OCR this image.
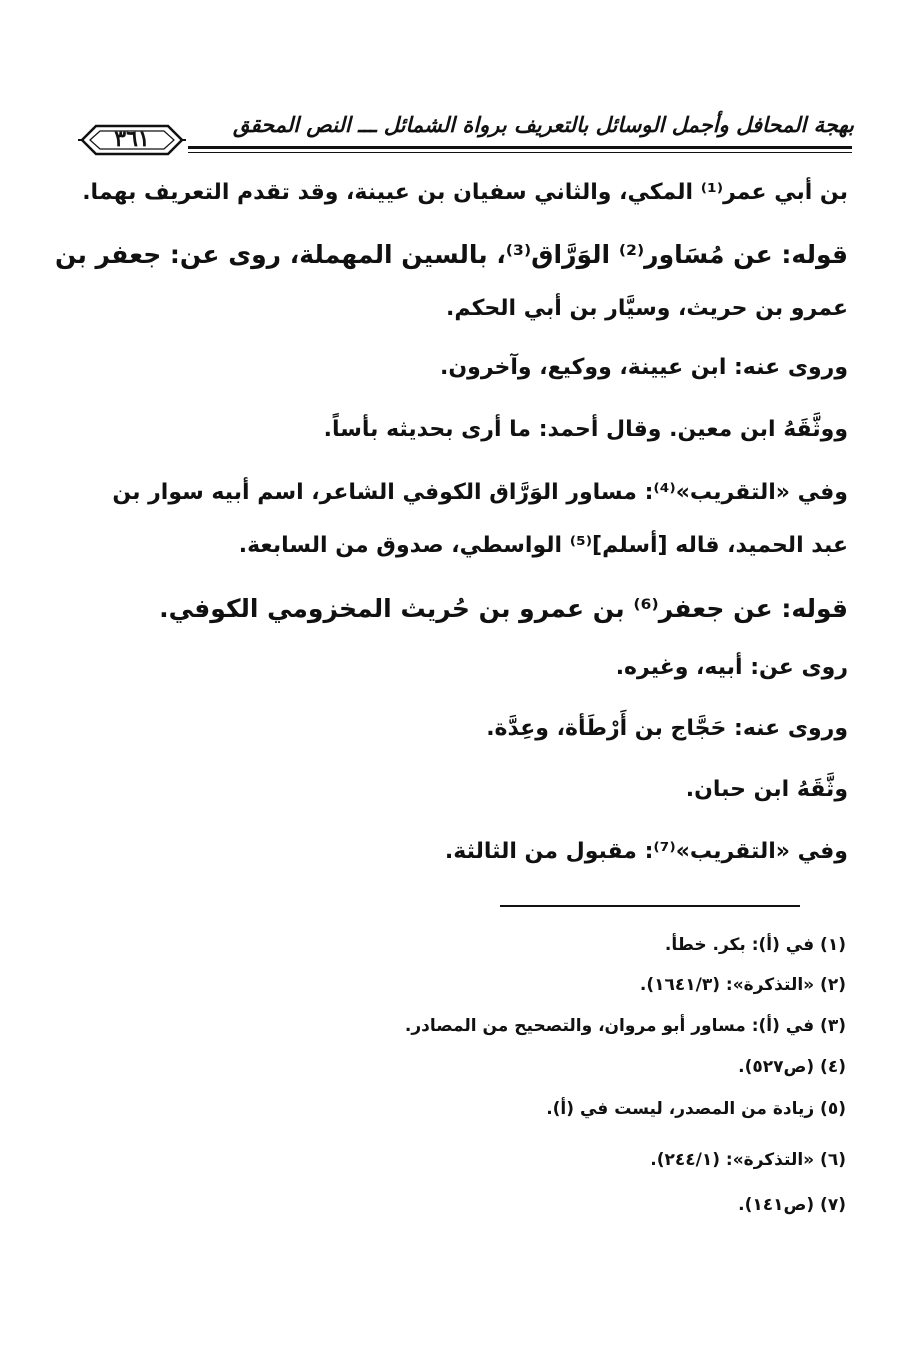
بهجة المحافل وأجمل الوسائل بالتعريف برواة الشمائل ـــ النص المحقق
٣٦١
بن أبي عمر⁽¹⁾ المكي، والثاني سفيان بن عيينة، وقد تقدم التعريف بهما.
قوله: عن مُسَاور⁽²⁾ الوَرَّاق⁽³⁾، بالسين المهملة، روى عن: جعفر بن
عمرو بن حريث، وسيَّار بن أبي الحكم.
وروى عنه: ابن عيينة، ووكيع، وآخرون.
ووثَّقَهُ ابن معين. وقال أحمد: ما أرى بحديثه بأساً.
وفي «التقريب»⁽⁴⁾: مساور الوَرَّاق الكوفي الشاعر، اسم أبيه سوار بن
عبد الحميد، قاله [أسلم]⁽⁵⁾ الواسطي، صدوق من السابعة.
قوله: عن جعفر⁽⁶⁾ بن عمرو بن حُريث المخزومي الكوفي.
روى عن: أبيه، وغيره.
وروى عنه: حَجَّاج بن أَرْطَأة، وعِدَّة.
وثَّقَهُ ابن حبان.
وفي «التقريب»⁽⁷⁾: مقبول من الثالثة.
(١) في (أ): بكر. خطأ.
(٢) «التذكرة»: (١٦٤١/٣).
(٣) في (أ): مساور أبو مروان، والتصحيح من المصادر.
(٤) (ص٥٢٧).
(٥) زيادة من المصدر، ليست في (أ).
(٦) «التذكرة»: (٢٤٤/١).
(٧) (ص١٤١).
